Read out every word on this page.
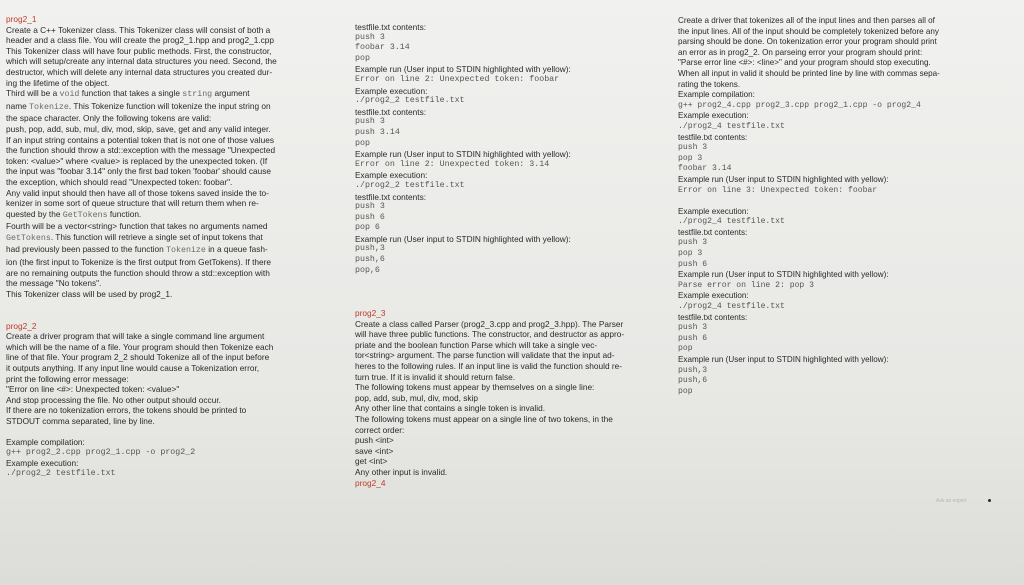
prog2_1
Create a C++ Tokenizer class. This Tokenizer class will consist of both a
header and a class file. You will create the prog2_1.hpp and prog2_1.cpp
This Tokenizer class will have four public methods. First, the constructor,
which will setup/create any internal data structures you need. Second, the
destructor, which will delete any internal data structures you created dur-
ing the lifetime of the object.
Third will be a void function that takes a single string argument
name Tokenize. This Tokenize function will tokenize the input string on
the space character. Only the following tokens are valid:
push, pop, add, sub, mul, div, mod, skip, save, get and any valid integer.
If an input string contains a potential token that is not one of those values
the function should throw a std::exception with the message "Unexpected
token: <value>" where <value> is replaced by the unexpected token. (If
the input was "foobar 3.14" only the first bad token 'foobar' should cause
the exception, which should read "Unexpected token: foobar".
Any valid input should then have all of those tokens saved inside the to-
kenizer in some sort of queue structure that will return them when re-
quested by the GetTokens function.
Fourth will be a vector<string> function that takes no arguments named
GetTokens. This function will retrieve a single set of input tokens that
had previously been passed to the function Tokenize in a queue fash-
ion (the first input to Tokenize is the first output from GetTokens). If there
are no remaining outputs the function should throw a std::exception with
the message "No tokens".
This Tokenizer class will be used by prog2_1.
prog2_2
Create a driver program that will take a single command line argument
which will be the name of a file. Your program should then Tokenize each
line of that file. Your program 2_2 should Tokenize all of the input before
it outputs anything. If any input line would cause a Tokenization error,
print the following error message:
"Error on line <#>: Unexpected token: <value>"
And stop processing the file. No other output should occur.
If there are no tokenization errors, the tokens should be printed to
STDOUT comma separated, line by line.
Example compilation:
g++ prog2_2.cpp prog2_1.cpp -o prog2_2
Example execution:
./prog2_2 testfile.txt
testfile.txt contents:
push 3
foobar 3.14
pop
Example run (User input to STDIN highlighted with yellow):
Error on line 2: Unexpected token: foobar
Example execution:
./prog2_2 testfile.txt
testfile.txt contents:
push 3
push 3.14
pop
Example run (User input to STDIN highlighted with yellow):
Error on line 2: Unexpected token: 3.14
Example execution:
./prog2_2 testfile.txt
testfile.txt contents:
push 3
push 6
pop 6
Example run (User input to STDIN highlighted with yellow):
push,3
push,6
pop,6
prog2_3
Create a class called Parser (prog2_3.cpp and prog2_3.hpp). The Parser
will have three public functions. The constructor, and destructor as appro-
priate and the boolean function Parse which will take a single vec-
tor<string> argument. The parse function will validate that the input ad-
heres to the following rules. If an input line is valid the function should re-
turn true. If it is invalid it should return false.
The following tokens must appear by themselves on a single line:
pop, add, sub, mul, div, mod, skip
Any other line that contains a single token is invalid.
The following tokens must appear on a single line of two tokens, in the
correct order:
push <int>
save <int>
get <int>
Any other input is invalid.
prog2_4
Create a driver that tokenizes all of the input lines and then parses all of
the input lines. All of the input should be completely tokenized before any
parsing should be done. On tokenization error your program should print
an error as in prog2_2. On parseing error your program should print:
"Parse error line <#>: <line>" and your program should stop executing.
When all input in valid it should be printed line by line with commas sepa-
rating the tokens.
Example compilation:
g++ prog2_4.cpp prog2_3.cpp prog2_1.cpp -o prog2_4
Example execution:
./prog2_4 testfile.txt
testfile.txt contents:
push 3
pop 3
foobar 3.14
Example run (User input to STDIN highlighted with yellow):
Error on line 3: Unexpected token: foobar
Example execution:
./prog2_4 testfile.txt
testfile.txt contents:
push 3
pop 3
push 6
Example run (User input to STDIN highlighted with yellow):
Parse error on line 2: pop 3
Example execution:
./prog2_4 testfile.txt
testfile.txt contents:
push 3
push 6
pop
Example run (User input to STDIN highlighted with yellow):
push,3
push,6
pop
Ask an expert
